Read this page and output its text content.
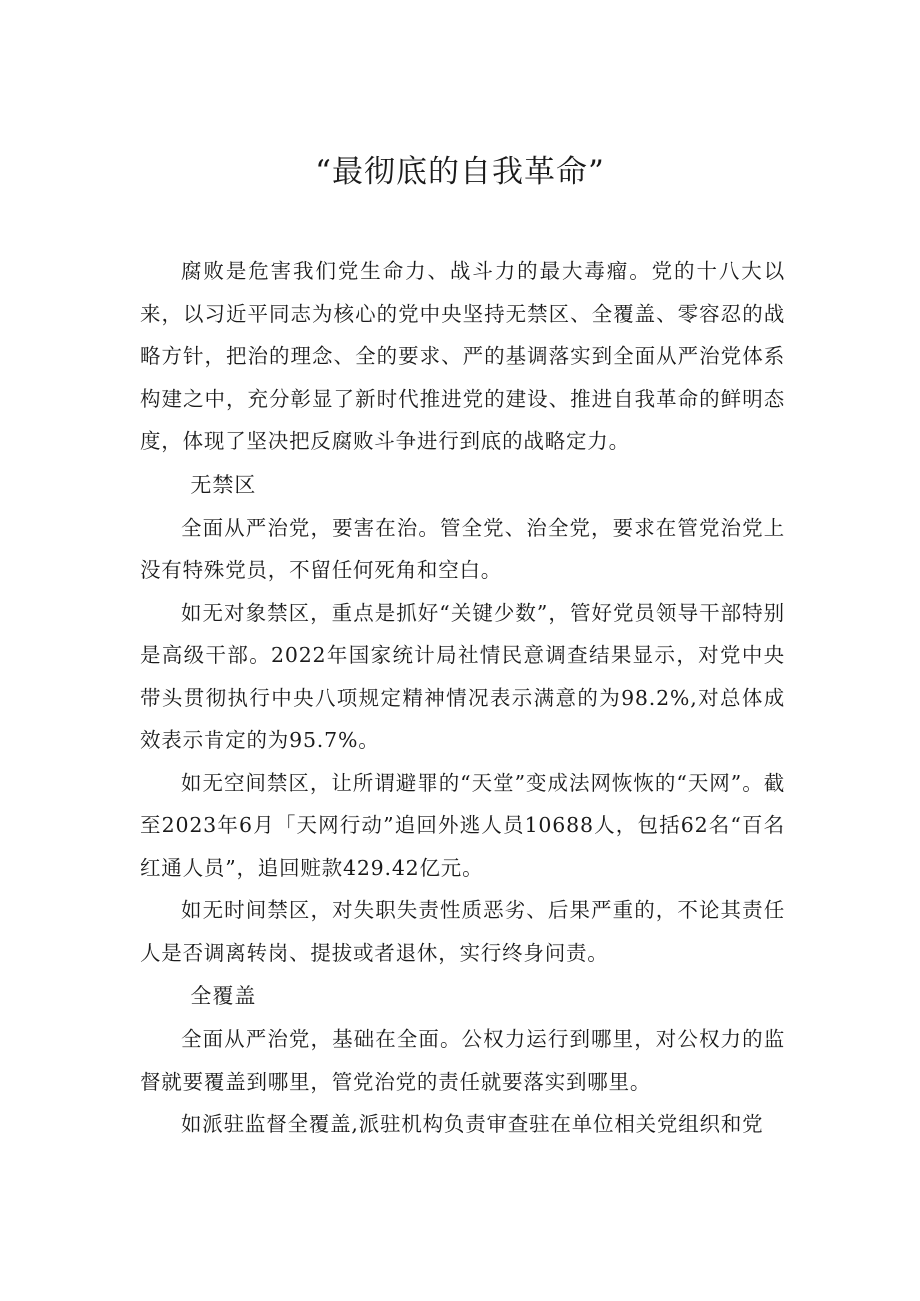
“最彻底的自我革命”

腐败是危害我们党生命力、战斗力的最大毒瘤。党的十八大以来，以习近平同志为核心的党中央坚持无禁区、全覆盖、零容忍的战略方针，把治的理念、全的要求、严的基调落实到全面从严治党体系构建之中，充分彰显了新时代推进党的建设、推进自我革命的鲜明态度，体现了坚决把反腐败斗争进行到底的战略定力。

无禁区

全面从严治党，要害在治。管全党、治全党，要求在管党治党上没有特殊党员，不留任何死角和空白。

如无对象禁区，重点是抓好“关键少数”，管好党员领导干部特别是高级干部。2022年国家统计局社情民意调查结果显示，对党中央带头贯彻执行中央八项规定精神情况表示满意的为98.2%,对总体成效表示肯定的为95.7%。

如无空间禁区，让所谓避罪的“天堂”变成法网恢恢的“天网”。截至2023年6月「天网行动”追回外逃人员10688人，包括62名“百名红通人员”，追回赃款429.42亿元。

如无时间禁区，对失职失责性质恶劣、后果严重的，不论其责任人是否调离转岗、提拔或者退休，实行终身问责。

全覆盖

全面从严治党，基础在全面。公权力运行到哪里，对公权力的监督就要覆盖到哪里，管党治党的责任就要落实到哪里。

如派驻监督全覆盖,派驻机构负责审查驻在单位相关党组织和党
